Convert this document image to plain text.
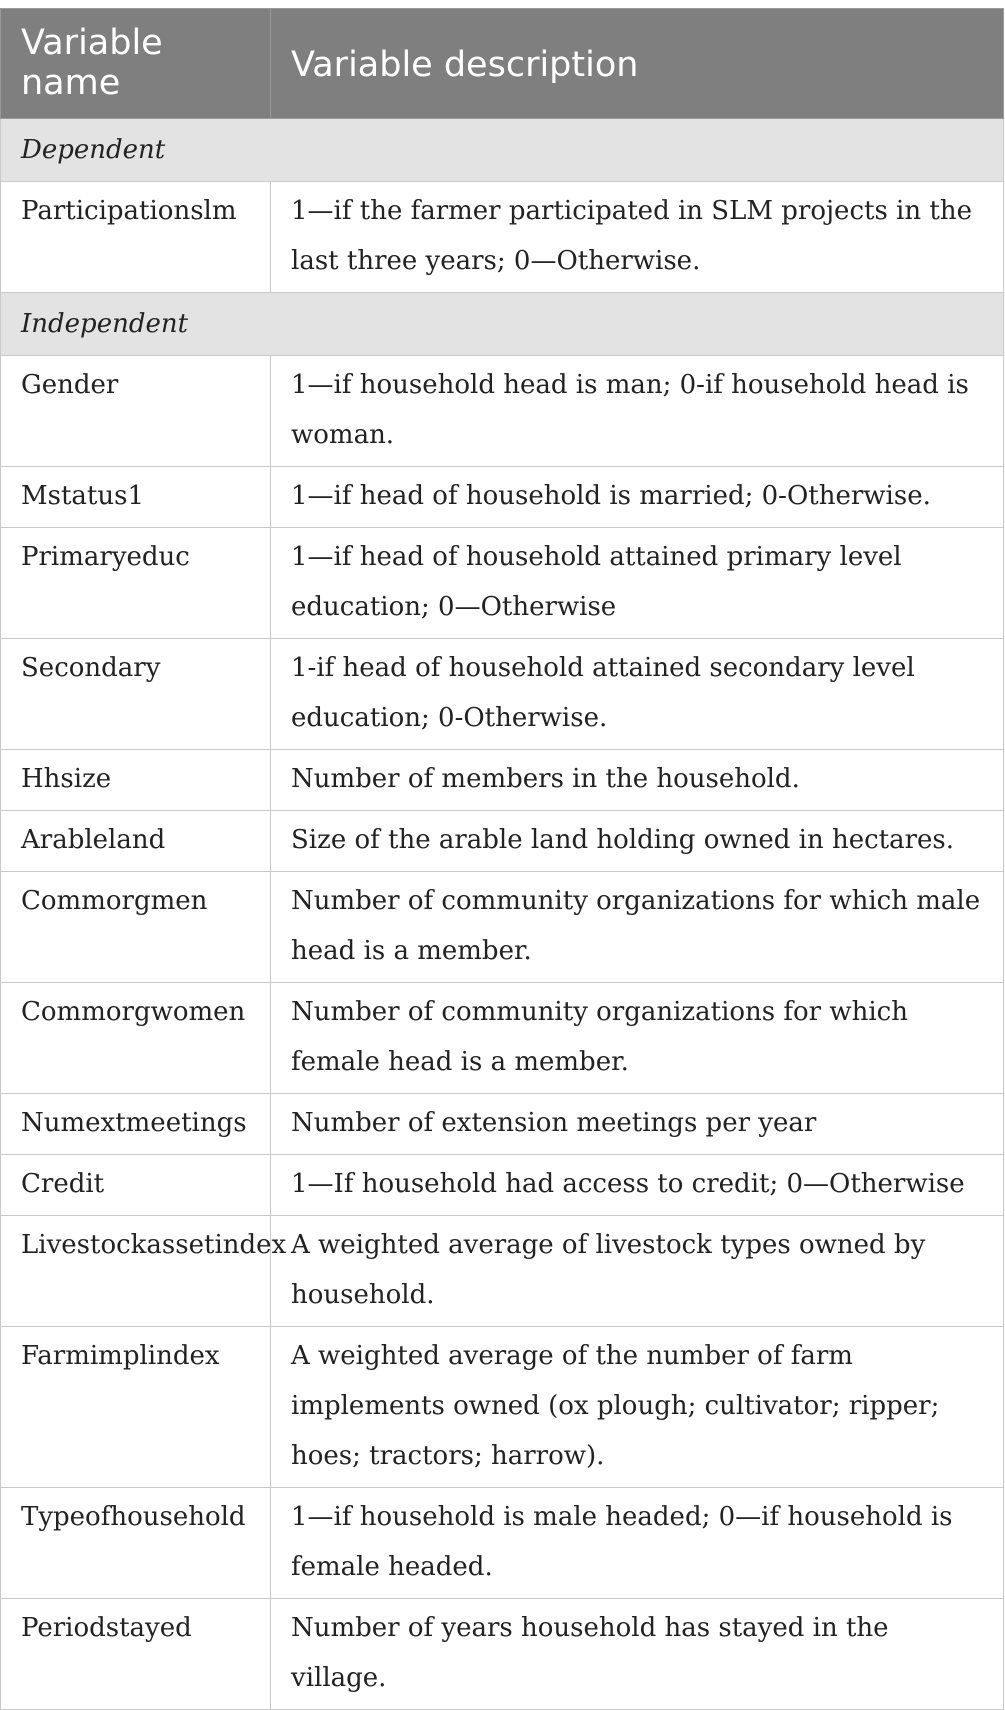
Variable name	Variable description
Dependent	
Participationslm	1—if the farmer participated in SLM projects in the last three years; 0—Otherwise.
Independent	
Gender	1—if household head is man; 0-if household head is woman.
Mstatus1	1—if head of household is married; 0-Otherwise.
Primaryeduc	1—if head of household attained primary level education; 0—Otherwise
Secondary	1-if head of household attained secondary level education; 0-Otherwise.
Hhsize	Number of members in the household.
Arableland	Size of the arable land holding owned in hectares.
Commorgmen	Number of community organizations for which male head is a member.
Commorgwomen	Number of community organizations for which female head is a member.
Numextmeetings	Number of extension meetings per year
Credit	1—If household had access to credit; 0—Otherwise
Livestockassetindex	A weighted average of livestock types owned by household.
Farmimplindex	A weighted average of the number of farm implements owned (ox plough; cultivator; ripper; hoes; tractors; harrow).
Typeofhousehold	1—if household is male headed; 0—if household is female headed.
Periodstayed	Number of years household has stayed in the village.
